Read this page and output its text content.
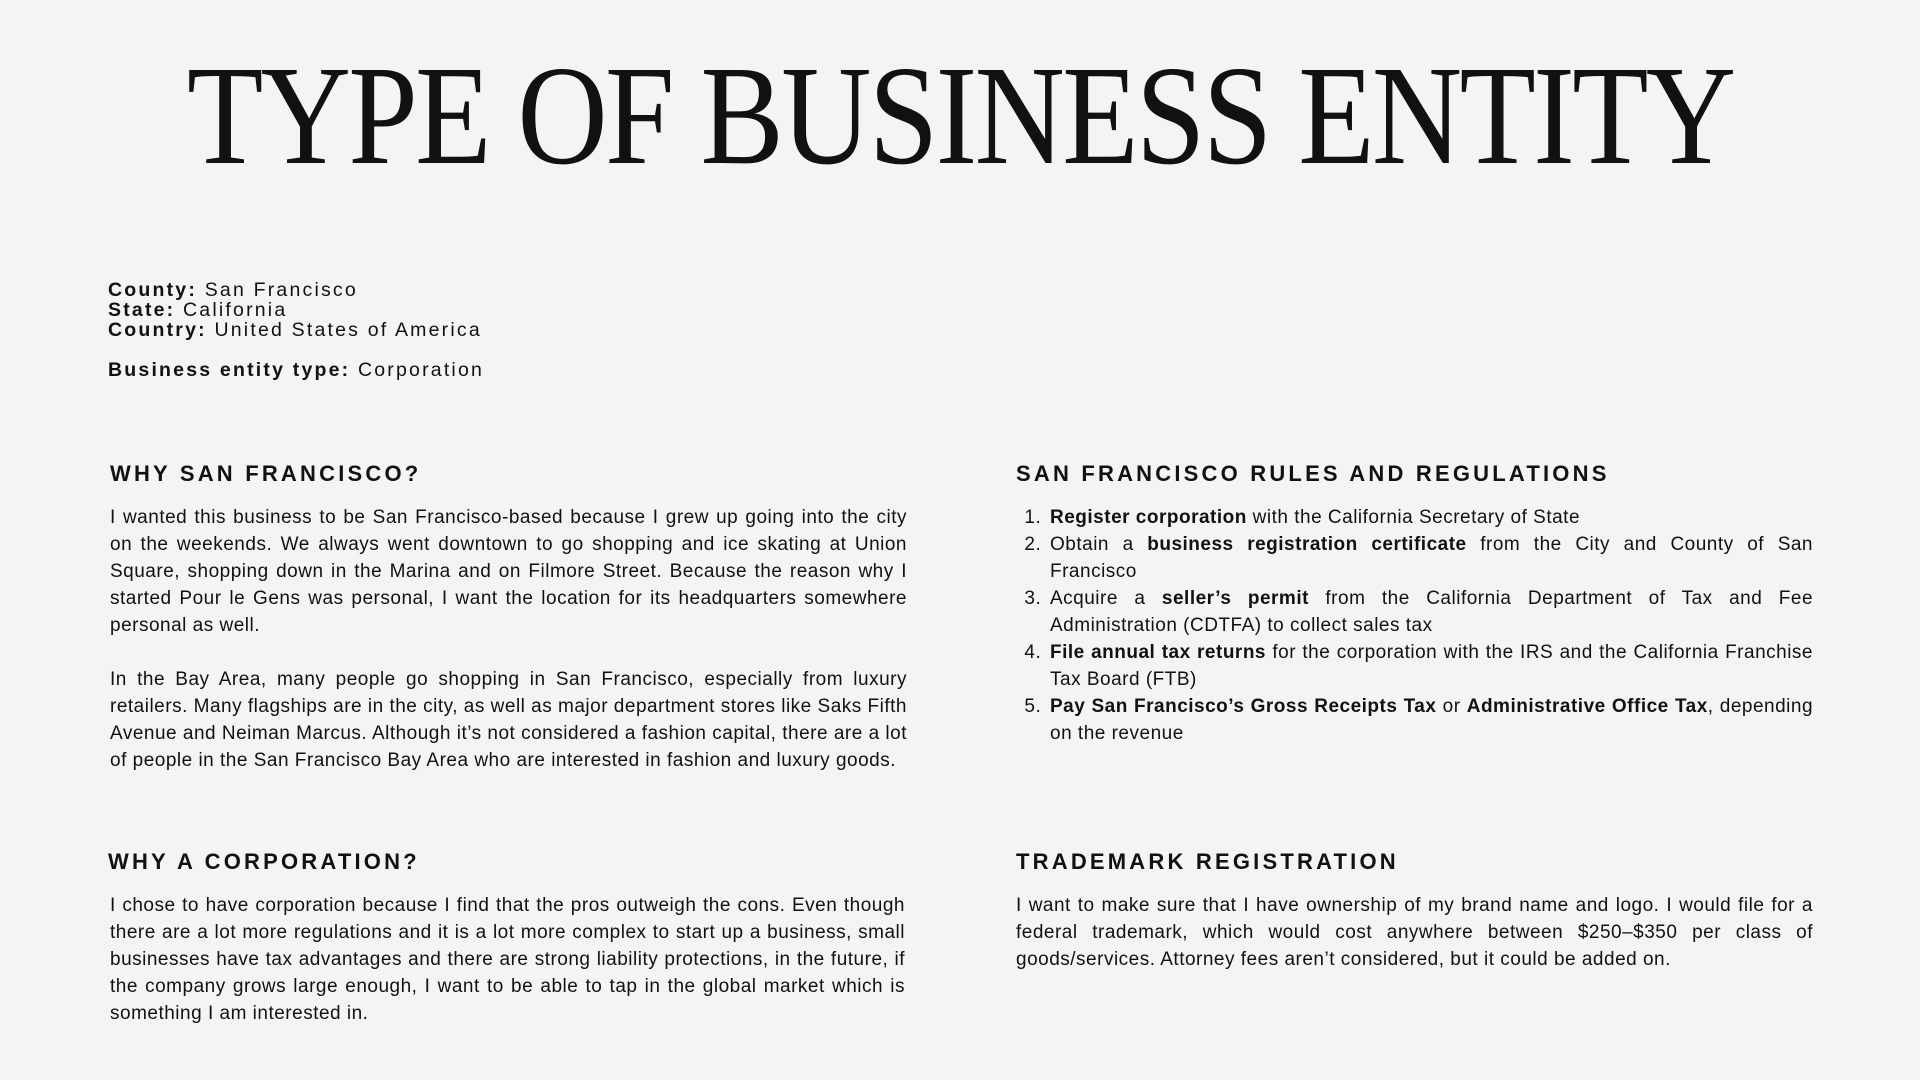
TYPE OF BUSINESS ENTITY
County: San Francisco
State: California
Country: United States of America
Business entity type: Corporation
WHY SAN FRANCISCO?

I wanted this business to be San Francisco-based because I grew up going into the city on the weekends. We always went downtown to go shopping and ice skating at Union Square, shopping down in the Marina and on Filmore Street. Because the reason why I started Pour le Gens was personal, I want the location for its headquarters somewhere personal as well.

In the Bay Area, many people go shopping in San Francisco, especially from luxury retailers. Many flagships are in the city, as well as major department stores like Saks Fifth Avenue and Neiman Marcus. Although it’s not considered a fashion capital, there are a lot of people in the San Francisco Bay Area who are interested in fashion and luxury goods.

SAN FRANCISCO RULES AND REGULATIONS
1. Register corporation with the California Secretary of State
2. Obtain a business registration certificate from the City and County of San Francisco
3. Acquire a seller’s permit from the California Department of Tax and Fee Administration (CDTFA) to collect sales tax
4. File annual tax returns for the corporation with the IRS and the California Franchise Tax Board (FTB)
5. Pay San Francisco’s Gross Receipts Tax or Administrative Office Tax, depending on the revenue
WHY A CORPORATION?

I chose to have corporation because I find that the pros outweigh the cons. Even though there are a lot more regulations and it is a lot more complex to start up a business, small businesses have tax advantages and there are strong liability protections, in the future, if the company grows large enough, I want to be able to tap in the global market which is something I am interested in.

TRADEMARK REGISTRATION

I want to make sure that I have ownership of my brand name and logo. I would file for a federal trademark, which would cost anywhere between $250–$350 per class of goods/services. Attorney fees aren’t considered, but it could be added on.
